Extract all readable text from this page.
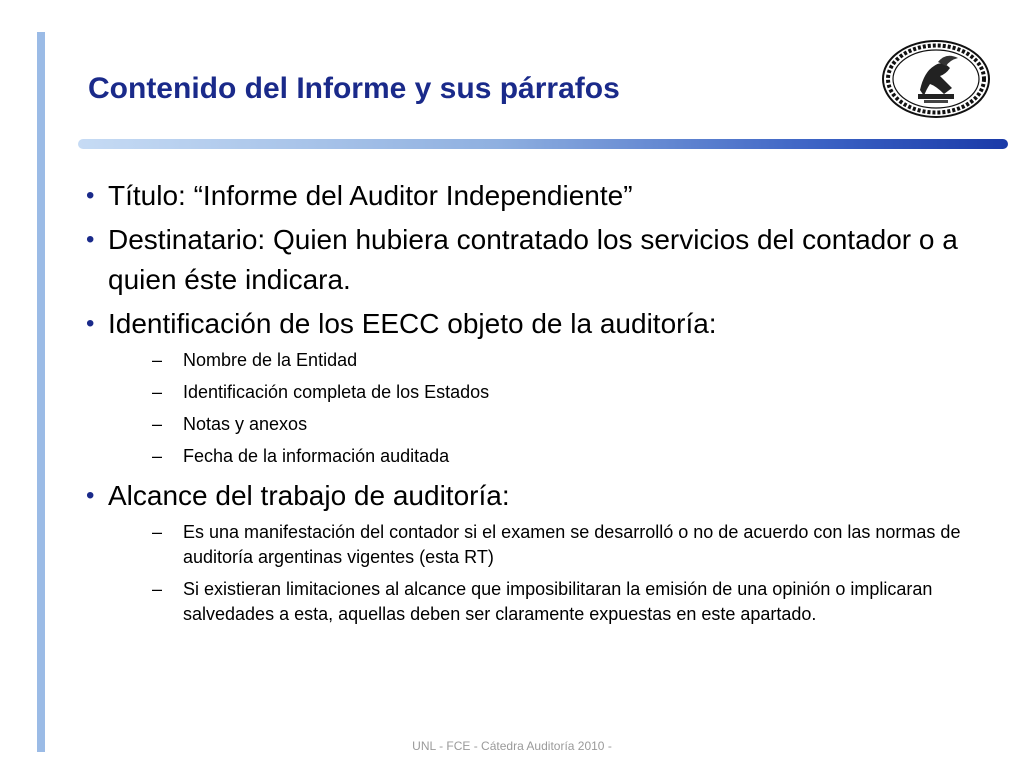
Contenido del Informe y sus párrafos
• Título: “Informe del Auditor Independiente”
• Destinatario: Quien hubiera contratado los servicios del contador o a quien éste indicara.
• Identificación de los EECC objeto de la auditoría:
– Nombre de la Entidad
– Identificación completa de los Estados
– Notas y anexos
– Fecha de la información auditada
• Alcance del trabajo de auditoría:
– Es una manifestación del contador si el examen se desarrolló o no de acuerdo con las normas de auditoría argentinas vigentes (esta RT)
– Si existieran limitaciones al alcance que imposibilitaran la emisión de una opinión o implicaran salvedades a esta, aquellas deben ser claramente expuestas en este apartado.
UNL - FCE - Cátedra Auditoría 2010 -
